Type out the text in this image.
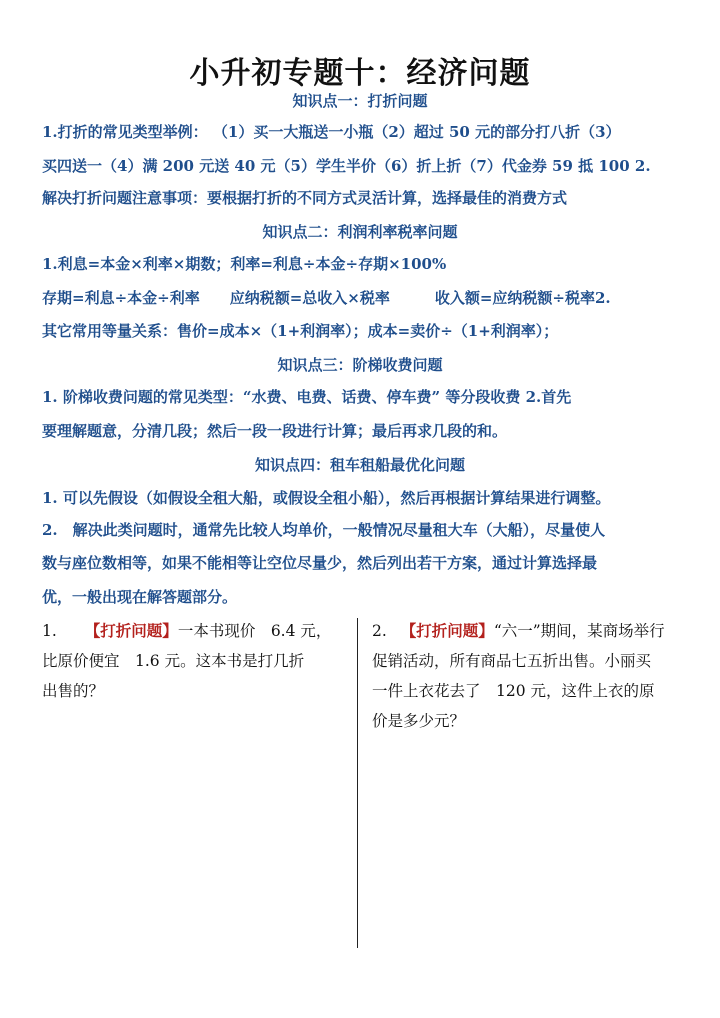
小升初专题十：经济问题
知识点一：打折问题
1.打折的常见类型举例： （1）买一大瓶送一小瓶（2）超过 50 元的部分打八折（3）
买四送一（4）满 200 元送 40 元（5）学生半价（6）折上折（7）代金券 59 抵 100 2.
解决打折问题注意事项：要根据打折的不同方式灵活计算，选择最佳的消费方式
知识点二：利润利率税率问题
1.利息=本金×利率×期数；利率=利息÷本金÷存期×100%
存期=利息÷本金÷利率　　应纳税额=总收入×税率　　　收入额=应纳税额÷税率2.
其它常用等量关系：售价=成本×（1+利润率）；成本=卖价÷（1+利润率）；
知识点三：阶梯收费问题
1. 阶梯收费问题的常见类型：“水费、电费、话费、停车费” 等分段收费 2.首先
要理解题意，分清几段；然后一段一段进行计算；最后再求几段的和。
知识点四：租车租船最优化问题
1. 可以先假设（如假设全租大船，或假设全租小船），然后再根据计算结果进行调整。
2.　解决此类问题时，通常先比较人均单价，一般情况尽量租大车（大船），尽量使人
数与座位数相等，如果不能相等让空位尽量少，然后列出若干方案，通过计算选择最
优，一般出现在解答题部分。
1. 【打折问题】一本书现价　6.4 元，
比原价便宜　1.6 元。这本书是打几折
出售的？
2. 【打折问题】“六一”期间，某商场举行
促销活动，所有商品七五折出售。小丽买
一件上衣花去了　120 元，这件上衣的原
价是多少元？
